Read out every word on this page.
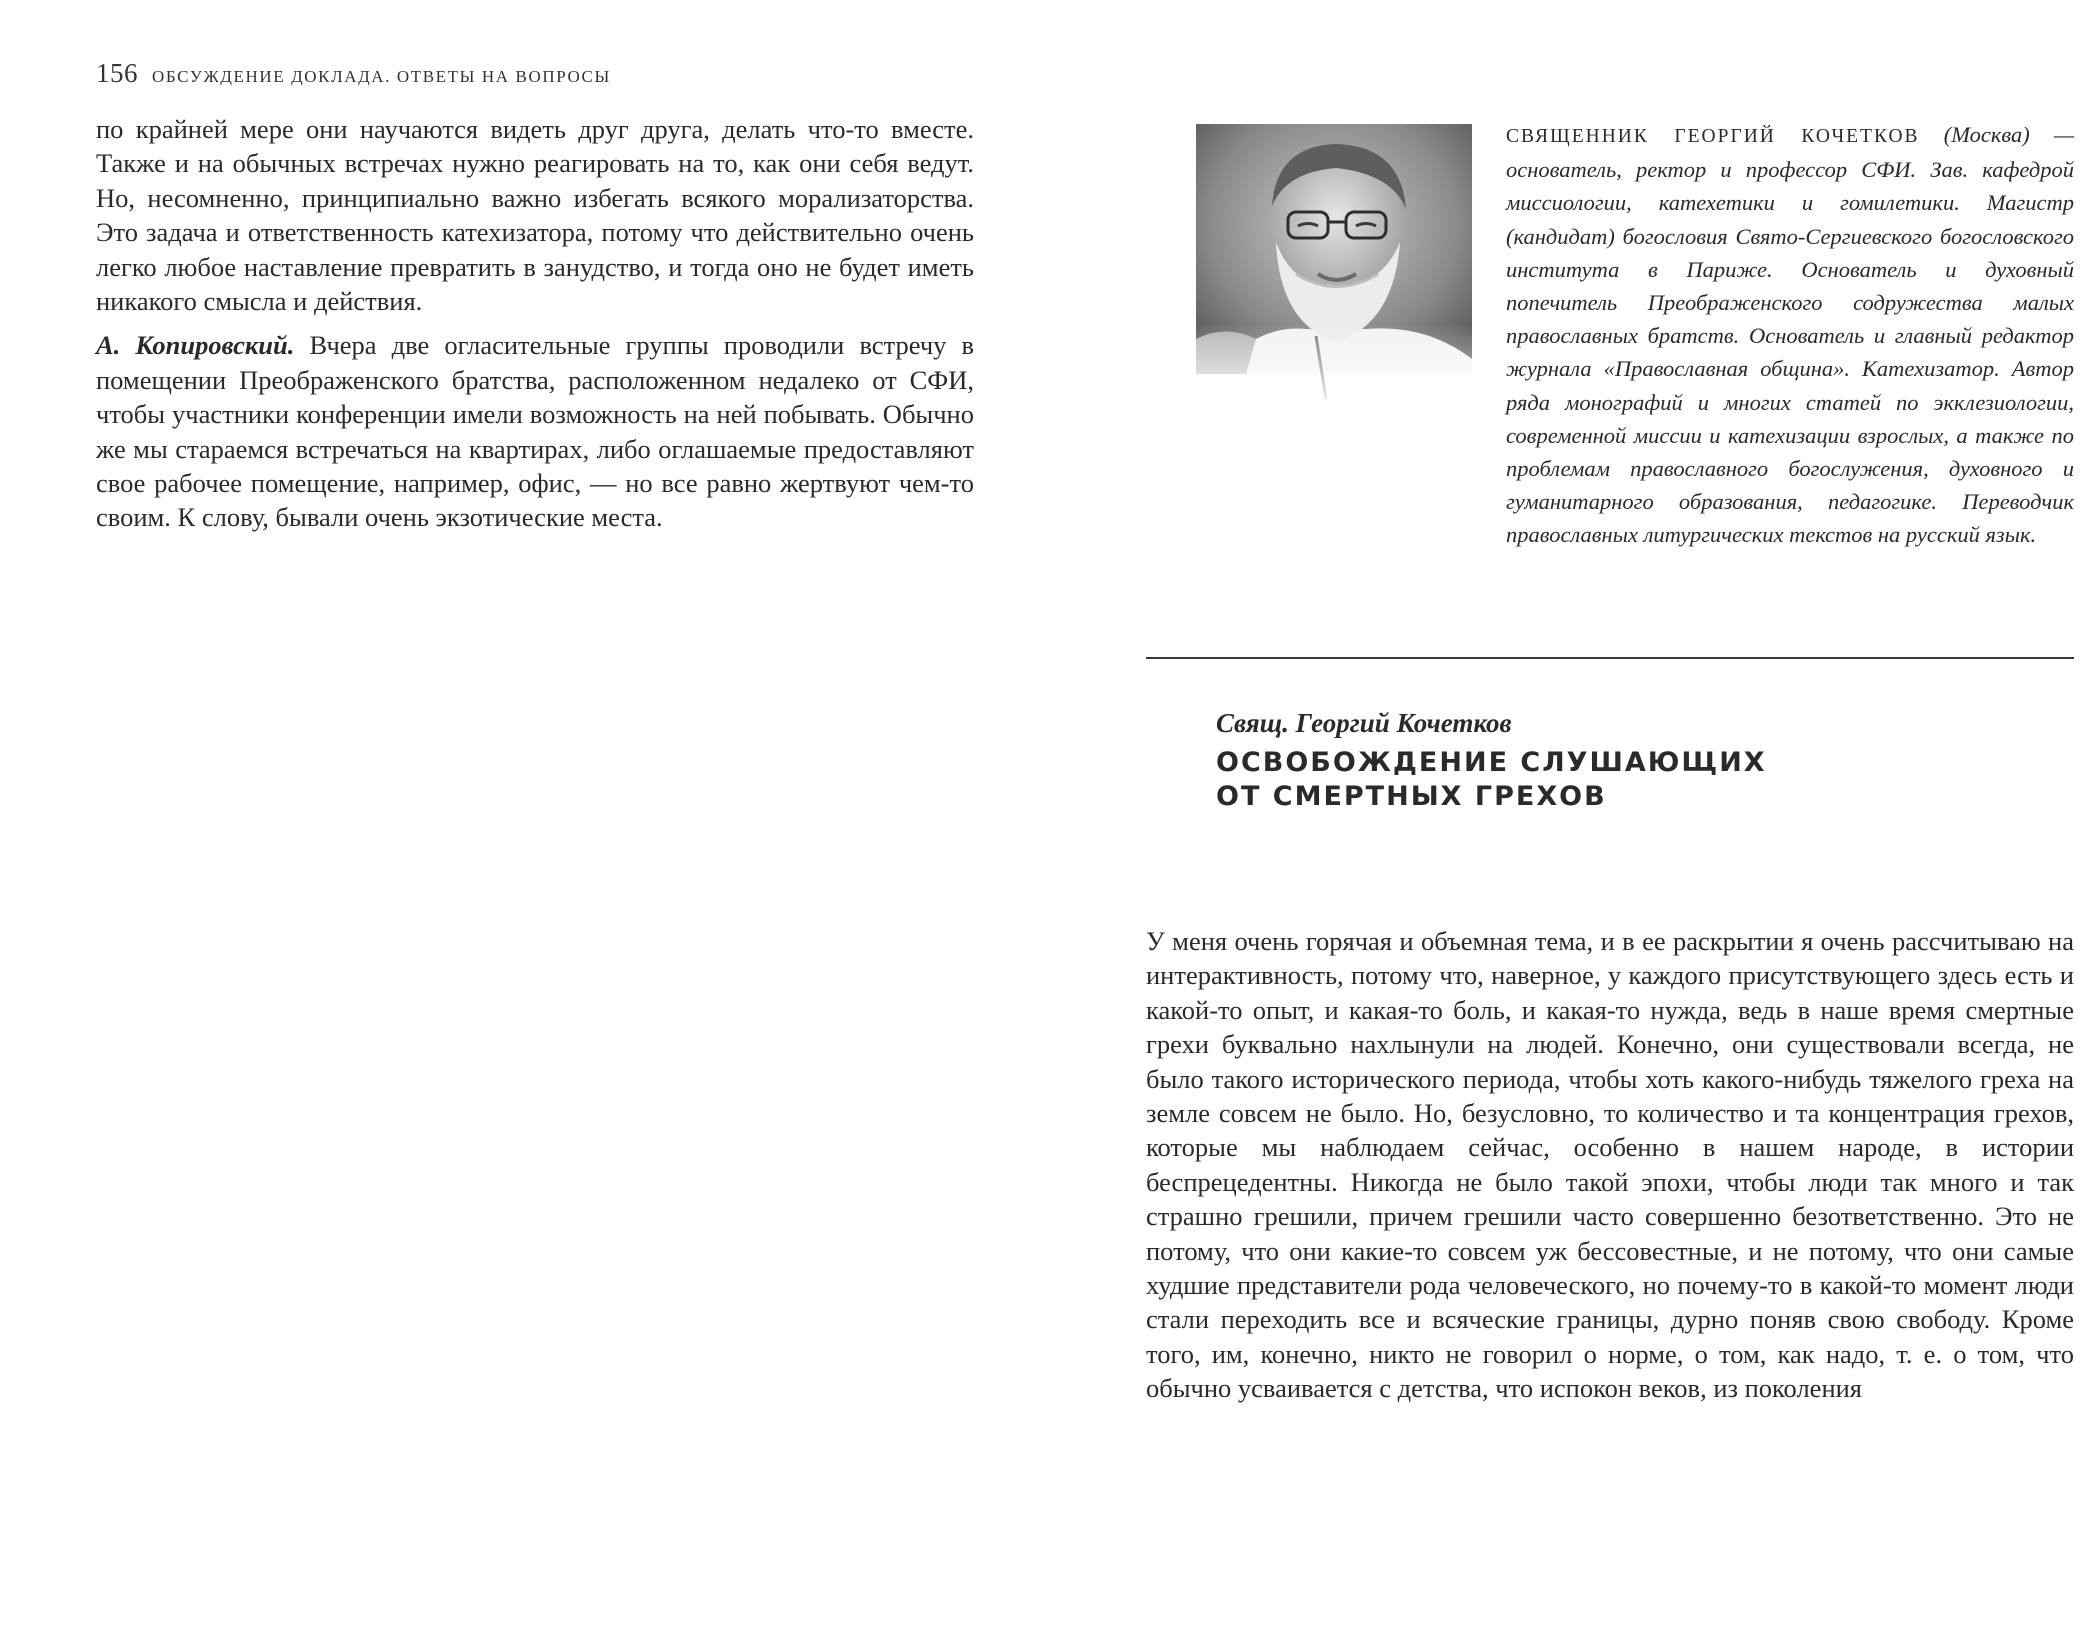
156 ОБСУЖДЕНИЕ ДОКЛАДА. ОТВЕТЫ НА ВОПРОСЫ

по крайней мере они научаются видеть друг друга, делать что-то вместе. Также и на обычных встречах нужно реагировать на то, как они себя ведут. Но, несомненно, принципиально важно избегать всякого морализаторства. Это задача и ответственность катехизатора, потому что действительно очень легко любое наставление превратить в занудство, и тогда оно не будет иметь никакого смысла и действия.

А. Копировский. Вчера две огласительные группы проводили встречу в помещении Преображенского братства, расположенном недалеко от СФИ, чтобы участники конференции имели возможность на ней побывать. Обычно же мы стараемся встречаться на квартирах, либо оглашаемые предоставляют свое рабочее помещение, например, офис, — но все равно жертвуют чем-то своим. К слову, бывали очень экзотические места.

СВЯЩЕННИК ГЕОРГИЙ КОЧЕТКОВ (Москва) — основатель, ректор и профессор СФИ. Зав. кафедрой миссиологии, катехетики и гомилетики. Магистр (кандидат) богословия Свято-Сергиевского богословского института в Париже. Основатель и духовный попечитель Преображенского содружества малых православных братств. Основатель и главный редактор журнала «Православная община». Катехизатор. Автор ряда монографий и многих статей по экклезиологии, современной миссии и катехизации взрослых, а также по проблемам православного богослужения, духовного и гуманитарного образования, педагогике. Переводчик православных литургических текстов на русский язык.

Свящ. Георгий Кочетков
ОСВОБОЖДЕНИЕ СЛУШАЮЩИХ
ОТ СМЕРТНЫХ ГРЕХОВ

У меня очень горячая и объемная тема, и в ее раскрытии я очень рассчитываю на интерактивность, потому что, наверное, у каждого присутствующего здесь есть и какой-то опыт, и какая-то боль, и какая-то нужда, ведь в наше время смертные грехи буквально нахлынули на людей. Конечно, они существовали всегда, не было такого исторического периода, чтобы хоть какого-нибудь тяжелого греха на земле совсем не было. Но, безусловно, то количество и та концентрация грехов, которые мы наблюдаем сейчас, особенно в нашем народе, в истории беспрецедентны. Никогда не было такой эпохи, чтобы люди так много и так страшно грешили, причем грешили часто совершенно безответственно. Это не потому, что они какие-то совсем уж бессовестные, и не потому, что они самые худшие представители рода человеческого, но почему-то в какой-то момент люди стали переходить все и всяческие границы, дурно поняв свою свободу. Кроме того, им, конечно, никто не говорил о норме, о том, как надо, т. е. о том, что обычно усваивается с детства, что испокон веков, из поколения
